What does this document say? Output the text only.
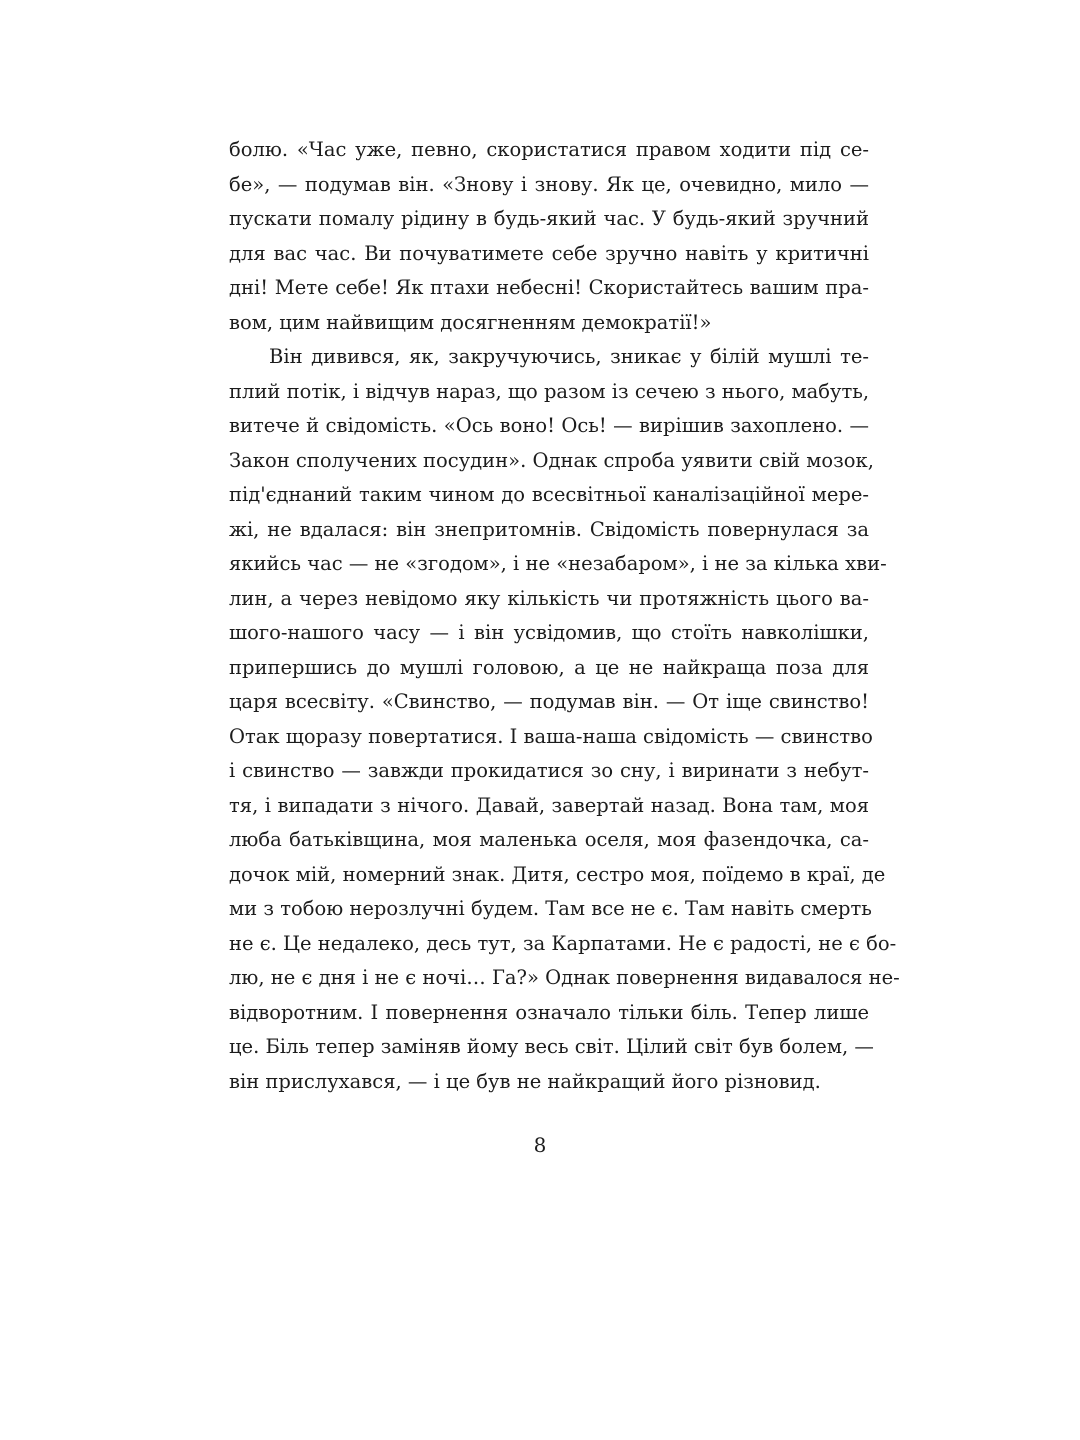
болю. «Час уже, певно, скористатися правом ходити під се-
бе», — подумав він. «Знову і знову. Як це, очевидно, мило —
пускати помалу рідину в будь-який час. У будь-який зручний
для вас час. Ви почуватимете себе зручно навіть у критичні
дні! Мете себе! Як птахи небесні! Скористайтесь вашим пра-
вом, цим найвищим досягненням демократії!»
Він дивився, як, закручуючись, зникає у білій мушлі те-
плий потік, і відчув нараз, що разом із сечею з нього, мабуть,
витече й свідомість. «Ось воно! Ось! — вирішив захоплено. —
Закон сполучених посудин». Однак спроба уявити свій мозок,
під'єднаний таким чином до всесвітньої каналізаційної мере-
жі, не вдалася: він знепритомнів. Свідомість повернулася за
якийсь час — не «згодом», і не «незабаром», і не за кілька хви-
лин, а через невідомо яку кількість чи протяжність цього ва-
шого-нашого часу — і він усвідомив, що стоїть навколішки,
припершись до мушлі головою, а це не найкраща поза для
царя всесвіту. «Свинство, — подумав він. — От іще свинство!
Отак щоразу повертатися. І ваша-наша свідомість — свинство
і свинство — завжди прокидатися зо сну, і виринати з небут-
тя, і випадати з нічого. Давай, завертай назад. Вона там, моя
люба батьківщина, моя маленька оселя, моя фазендочка, са-
дочок мій, номерний знак. Дитя, сестро моя, поїдемо в краї, де
ми з тобою нерозлучні будем. Там все не є. Там навіть смерть
не є. Це недалеко, десь тут, за Карпатами. Не є радості, не є бо-
лю, не є дня і не є ночі… Га?» Однак повернення видавалося не-
відворотним. І повернення означало тільки біль. Тепер лише
це. Біль тепер заміняв йому весь світ. Цілий світ був болем, —
він прислухався, — і це був не найкращий його різновид.
8
